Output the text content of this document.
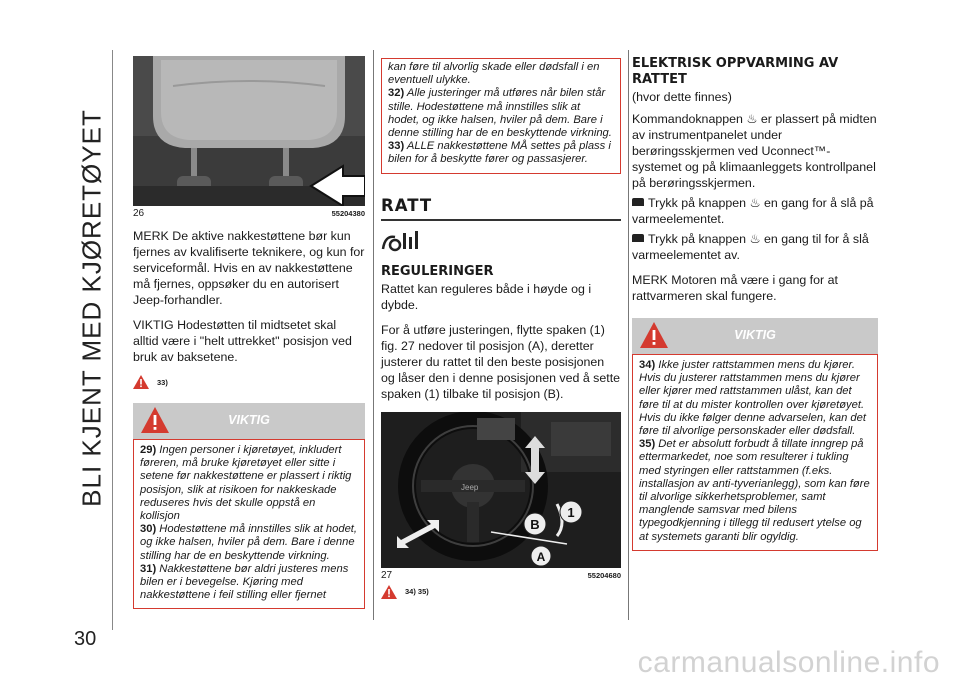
BLI KJENT MED KJØRETØYET
30
carmanualsonline.info
26	55204380

MERK De aktive nakkestøttene bør kun fjernes av kvalifiserte teknikere, og kun for serviceformål. Hvis en av nakkestøttene må fjernes, oppsøker du en autorisert Jeep-forhandler.

VIKTIG Hodestøtten til midtsetet skal alltid være i "helt uttrekket" posisjon ved bruk av baksetene.

33)
VIKTIG
29) Ingen personer i kjøretøyet, inkludert føreren, må bruke kjøretøyet eller sitte i setene før nakkestøttene er plassert i riktig posisjon, slik at risikoen for nakkeskade reduseres hvis det skulle oppstå en kollisjon
30) Hodestøttene må innstilles slik at hodet, og ikke halsen, hviler på dem. Bare i denne stilling har de en beskyttende virkning.
31) Nakkestøttene bør aldri justeres mens bilen er i bevegelse. Kjøring med nakkestøttene i feil stilling eller fjernet
kan føre til alvorlig skade eller dødsfall i en eventuell ulykke.
32) Alle justeringer må utføres når bilen står stille. Hodestøttene må innstilles slik at hodet, og ikke halsen, hviler på dem. Bare i denne stilling har de en beskyttende virkning.
33) ALLE nakkestøttene MÅ settes på plass i bilen for å beskytte fører og passasjerer.
RATT
REGULERINGER

Rattet kan reguleres både i høyde og i dybde.

For å utføre justeringen, flytte spaken (1) fig. 27 nedover til posisjon (A), deretter justerer du rattet til den beste posisjonen og låser den i denne posisjonen ved å sette spaken (1) tilbake til posisjon (B).

Jeep
B
1
A
27	55204680
34) 35)
ELEKTRISK OPPVARMING AV RATTET

(hvor dette finnes)

Kommandoknappen ♨ er plassert på midten av instrumentpanelet under berøringsskjermen ved Uconnect™-systemet og på klimaanleggets kontrollpanel på berøringsskjermen.

Trykk på knappen ♨ en gang for å slå på varmeelementet.
Trykk på knappen ♨ en gang til for å slå varmeelementet av.

MERK Motoren må være i gang for at rattvarmeren skal fungere.

VIKTIG
34) Ikke juster rattstammen mens du kjører. Hvis du justerer rattstammen mens du kjører eller kjører med rattstammen ulåst, kan det føre til at du mister kontrollen over kjøretøyet. Hvis du ikke følger denne advarselen, kan det føre til alvorlige personskader eller dødsfall.
35) Det er absolutt forbudt å tillate inngrep på ettermarkedet, noe som resulterer i tukling med styringen eller rattstammen (f.eks. installasjon av anti-tyverianlegg), som kan føre til alvorlige sikkerhetsproblemer, samt manglende samsvar med bilens typegodkjenning i tillegg til redusert ytelse og at systemets garanti blir ogyldig.
